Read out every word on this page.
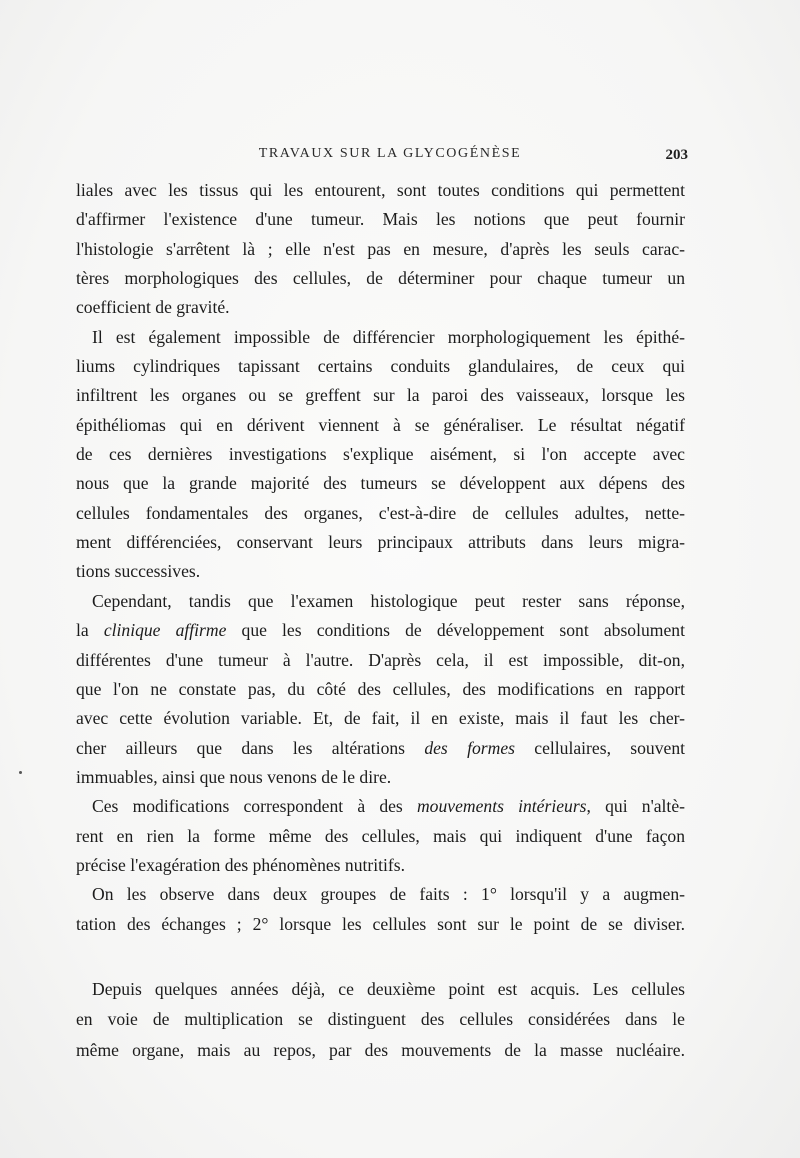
TRAVAUX SUR LA GLYCOGÉNÈSE	203
liales avec les tissus qui les entourent, sont toutes conditions qui permettent
d'affirmer l'existence d'une tumeur. Mais les notions que peut fournir
l'histologie s'arrêtent là ; elle n'est pas en mesure, d'après les seuls carac-
tères morphologiques des cellules, de déterminer pour chaque tumeur un
coefficient de gravité.
Il est également impossible de différencier morphologiquement les épithé-
liums cylindriques tapissant certains conduits glandulaires, de ceux qui
infiltrent les organes ou se greffent sur la paroi des vaisseaux, lorsque les
épithéliomas qui en dérivent viennent à se généraliser. Le résultat négatif
de ces dernières investigations s'explique aisément, si l'on accepte avec
nous que la grande majorité des tumeurs se développent aux dépens des
cellules fondamentales des organes, c'est-à-dire de cellules adultes, nette-
ment différenciées, conservant leurs principaux attributs dans leurs migra-
tions successives.
Cependant, tandis que l'examen histologique peut rester sans réponse,
la clinique affirme que les conditions de développement sont absolument
différentes d'une tumeur à l'autre. D'après cela, il est impossible, dit-on,
que l'on ne constate pas, du côté des cellules, des modifications en rapport
avec cette évolution variable. Et, de fait, il en existe, mais il faut les cher-
cher ailleurs que dans les altérations des formes cellulaires, souvent
immuables, ainsi que nous venons de le dire.
Ces modifications correspondent à des mouvements intérieurs, qui n'altè-
rent en rien la forme même des cellules, mais qui indiquent d'une façon
précise l'exagération des phénomènes nutritifs.
On les observe dans deux groupes de faits : 1° lorsqu'il y a augmen-
tation des échanges ; 2° lorsque les cellules sont sur le point de se diviser.
Depuis quelques années déjà, ce deuxième point est acquis. Les cellules
en voie de multiplication se distinguent des cellules considérées dans le
même organe, mais au repos, par des mouvements de la masse nucléaire.
